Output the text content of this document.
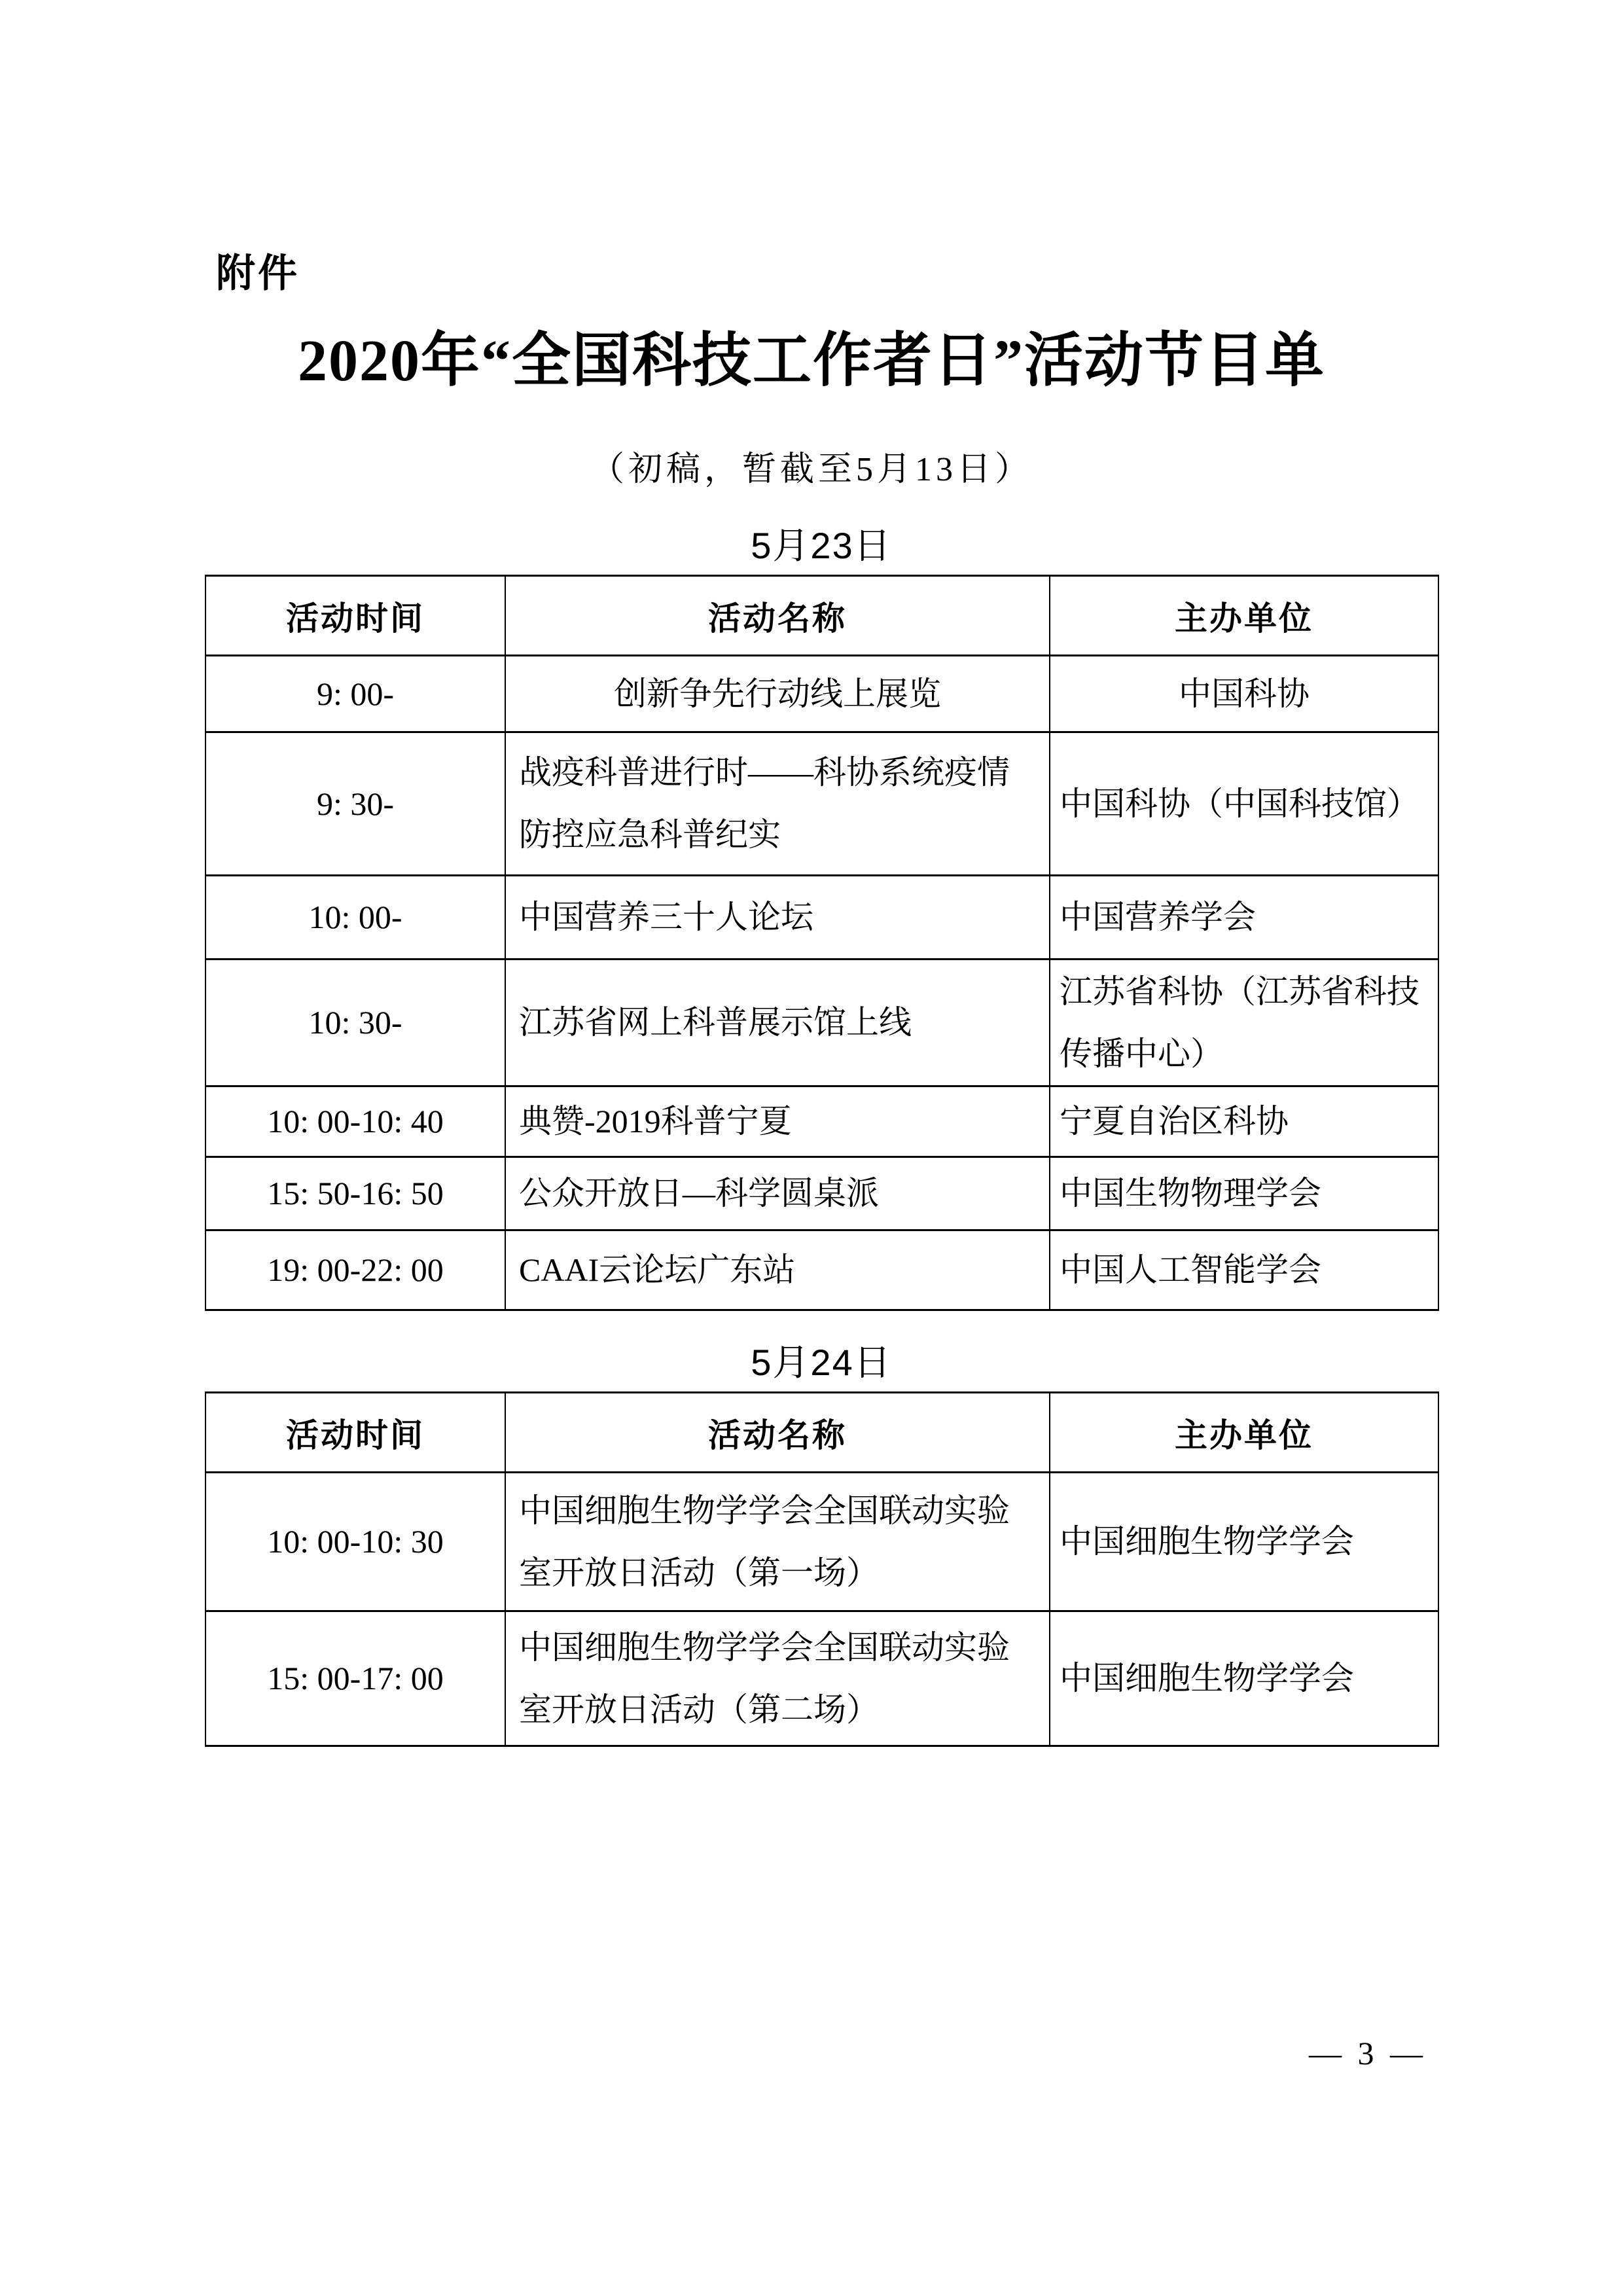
附件
2020年“全国科技工作者日”活动节目单
（初稿，暂截至5月13日）
5月23日
活动时间	活动名称	主办单位
9: 00-	创新争先行动线上展览	中国科协
9: 30-	战疫科普进行时——科协系统疫情防控应急科普纪实	中国科协（中国科技馆）
10: 00-	中国营养三十人论坛	中国营养学会
10: 30-	江苏省网上科普展示馆上线	江苏省科协（江苏省科技传播中心）
10: 00-10: 40	典赞-2019科普宁夏	宁夏自治区科协
15: 50-16: 50	公众开放日—科学圆桌派	中国生物物理学会
19: 00-22: 00	CAAI云论坛广东站	中国人工智能学会
5月24日
活动时间	活动名称	主办单位
10: 00-10: 30	中国细胞生物学学会全国联动实验室开放日活动（第一场）	中国细胞生物学学会
15: 00-17: 00	中国细胞生物学学会全国联动实验室开放日活动（第二场）	中国细胞生物学学会
— 3 —
